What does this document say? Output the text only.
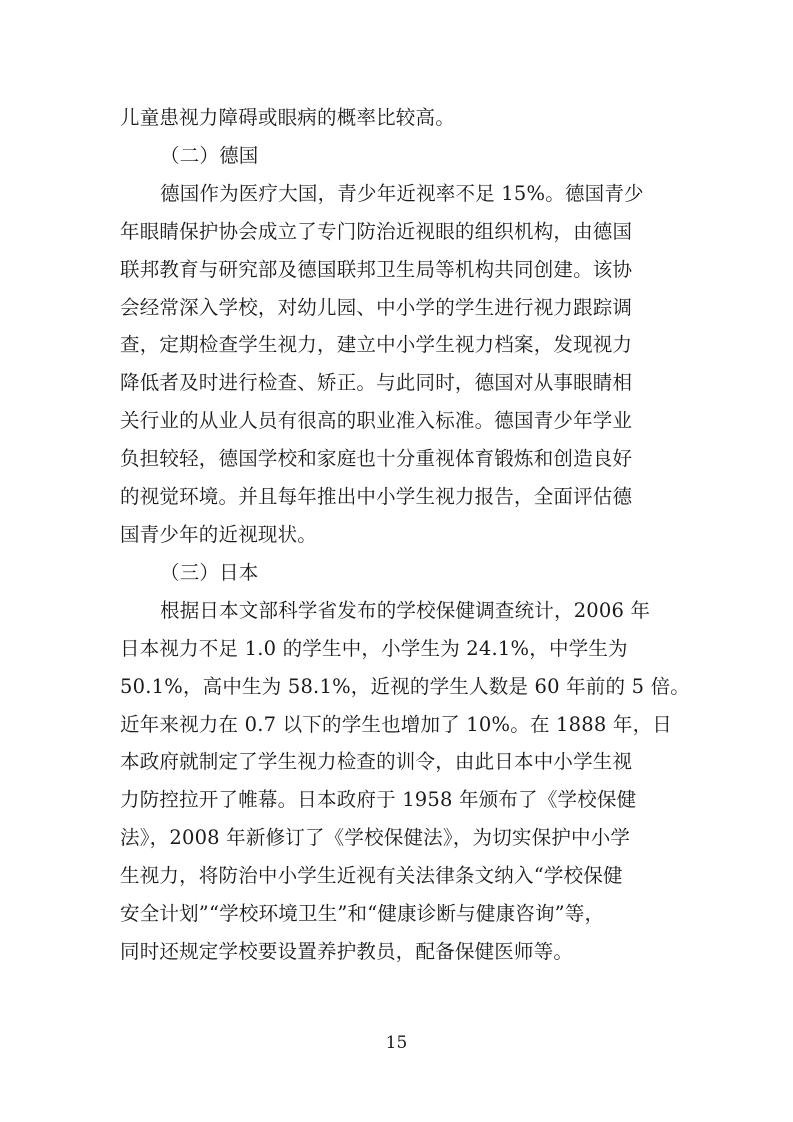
儿童患视力障碍或眼病的概率比较高。
（二）德国
德国作为医疗大国，青少年近视率不足 15%。德国青少
年眼睛保护协会成立了专门防治近视眼的组织机构，由德国
联邦教育与研究部及德国联邦卫生局等机构共同创建。该协
会经常深入学校，对幼儿园、中小学的学生进行视力跟踪调
查，定期检查学生视力，建立中小学生视力档案，发现视力
降低者及时进行检查、矫正。与此同时，德国对从事眼睛相
关行业的从业人员有很高的职业准入标准。德国青少年学业
负担较轻，德国学校和家庭也十分重视体育锻炼和创造良好
的视觉环境。并且每年推出中小学生视力报告，全面评估德
国青少年的近视现状。
（三）日本
根据日本文部科学省发布的学校保健调查统计，2006 年
日本视力不足 1.0 的学生中，小学生为 24.1%，中学生为
50.1%，高中生为 58.1%，近视的学生人数是 60 年前的 5 倍。
近年来视力在 0.7 以下的学生也增加了 10%。在 1888 年，日
本政府就制定了学生视力检查的训令，由此日本中小学生视
力防控拉开了帷幕。日本政府于 1958 年颁布了《学校保健
法》，2008 年新修订了《学校保健法》，为切实保护中小学
生视力，将防治中小学生近视有关法律条文纳入“学校保健
安全计划”“学校环境卫生”和“健康诊断与健康咨询”等，
同时还规定学校要设置养护教员，配备保健医师等。
15
